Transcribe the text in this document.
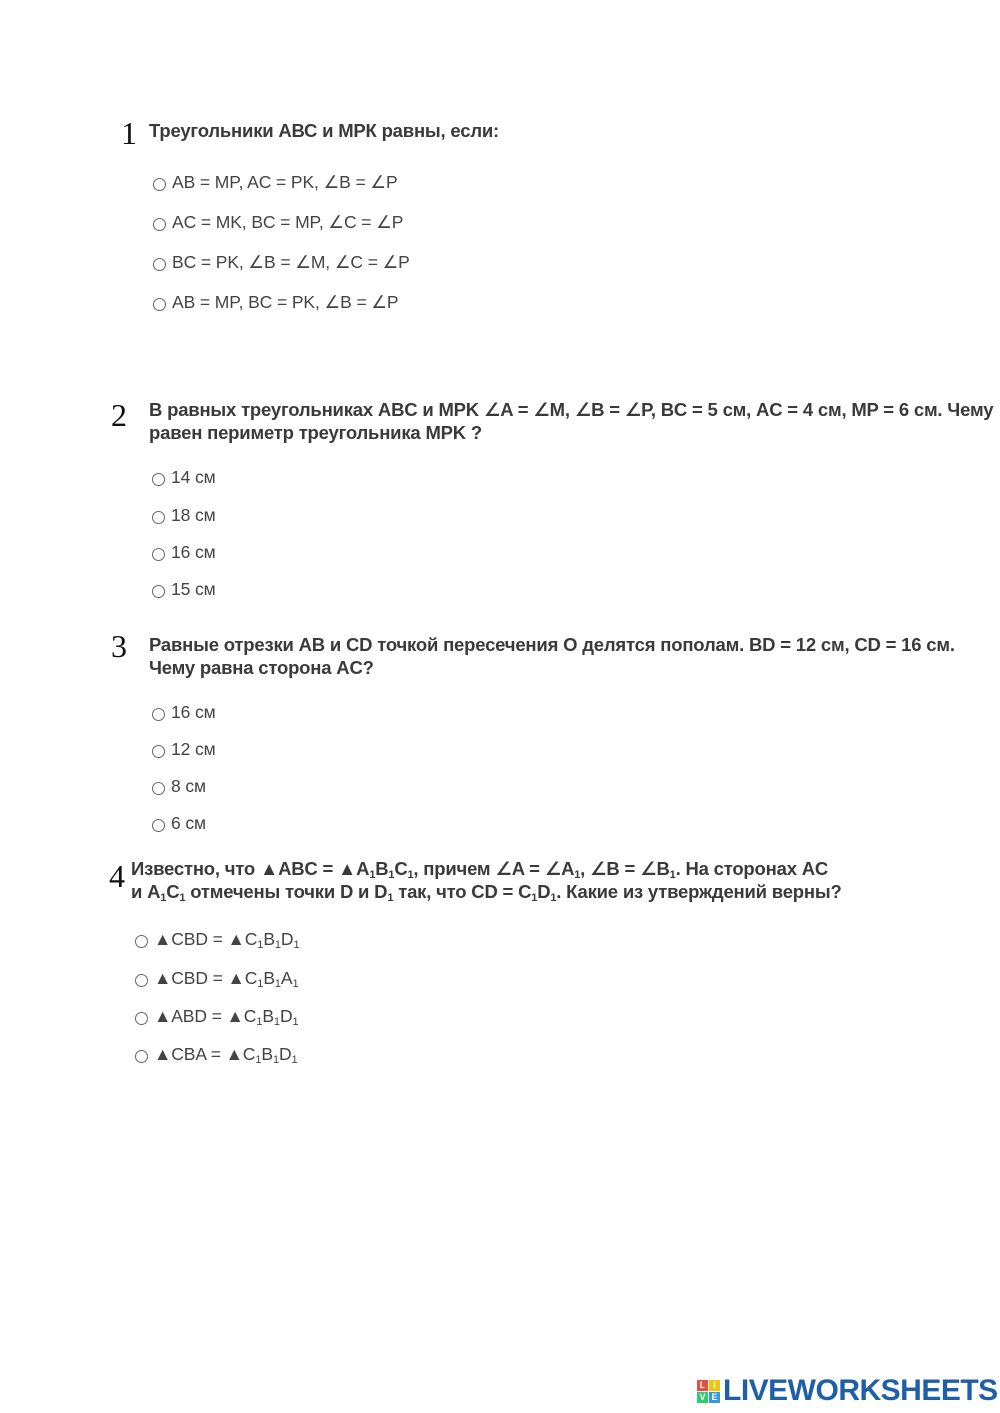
1 Треугольники АВС и МРК равны, если:
AB = MP, AC = PK, ∠B = ∠P
AC = MK, BC = MP, ∠C = ∠P
BC = PK, ∠B = ∠M, ∠C = ∠P
AB = MP, BC = PK, ∠B = ∠P
2 В равных треугольниках ABC и MPK ∠A = ∠M, ∠B = ∠P, BC = 5 см, AC = 4 см, MP = 6 см. Чему
равен периметр треугольника MPK ?
14 см
18 см
16 см
15 см
3 Равные отрезки AB и CD точкой пересечения O делятся пополам. BD = 12 см, CD = 16 см.
Чему равна сторона AC?
16 см
12 см
8 см
6 см
4 Известно, что ▲ABC = $▲A_1B_1C_1$, причем ∠A = $\angle A_1$, ∠B = $\angle B_1$. На сторонах AC
и $A_1C_1$ отмечены точки D и $D_1$ так, что CD = $C_1D_1$. Какие из утверждений верны?
▲CBD = $▲C_1B_1D_1$
▲CBD = $▲C_1B_1A_1$
▲ABD = $▲C_1B_1D_1$
▲CBA = $▲C_1B_1D_1$
L I
V E LIVEWORKSHEETS
